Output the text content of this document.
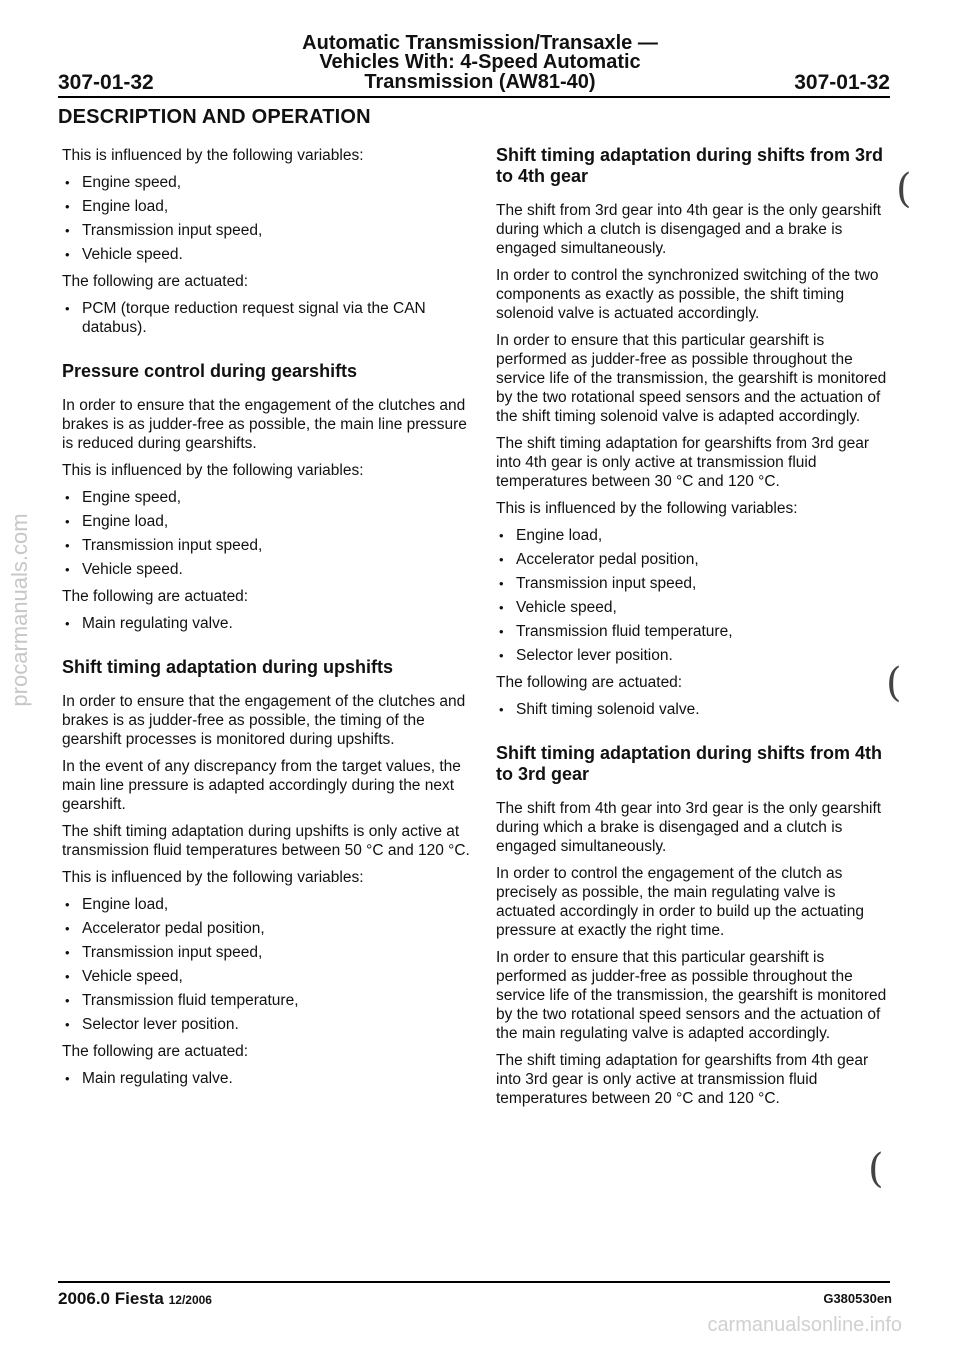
Automatic Transmission/Transaxle —
Vehicles With: 4-Speed Automatic
Transmission (AW81-40)
307-01-32	307-01-32
DESCRIPTION AND OPERATION

This is influenced by the following variables:

• Engine speed,
• Engine load,
• Transmission input speed,
• Vehicle speed.

The following are actuated:

• PCM (torque reduction request signal via the CAN databus).
Pressure control during gearshifts

In order to ensure that the engagement of the clutches and brakes is as judder-free as possible, the main line pressure is reduced during gearshifts.

This is influenced by the following variables:

• Engine speed,
• Engine load,
• Transmission input speed,
• Vehicle speed.

The following are actuated:

• Main regulating valve.
Shift timing adaptation during upshifts

In order to ensure that the engagement of the clutches and brakes is as judder-free as possible, the timing of the gearshift processes is monitored during upshifts.

In the event of any discrepancy from the target values, the main line pressure is adapted accordingly during the next gearshift.

The shift timing adaptation during upshifts is only active at transmission fluid temperatures between 50 °C and 120 °C.

This is influenced by the following variables:

• Engine load,
• Accelerator pedal position,
• Transmission input speed,
• Vehicle speed,
• Transmission fluid temperature,
• Selector lever position.

The following are actuated:

• Main regulating valve.
Shift timing adaptation during shifts from 3rd to 4th gear

The shift from 3rd gear into 4th gear is the only gearshift during which a clutch is disengaged and a brake is engaged simultaneously.

In order to control the synchronized switching of the two components as exactly as possible, the shift timing solenoid valve is actuated accordingly.

In order to ensure that this particular gearshift is performed as judder-free as possible throughout the service life of the transmission, the gearshift is monitored by the two rotational speed sensors and the actuation of the shift timing solenoid valve is adapted accordingly.

The shift timing adaptation for gearshifts from 3rd gear into 4th gear is only active at transmission fluid temperatures between 30 °C and 120 °C.

This is influenced by the following variables:

• Engine load,
• Accelerator pedal position,
• Transmission input speed,
• Vehicle speed,
• Transmission fluid temperature,
• Selector lever position.

The following are actuated:

• Shift timing solenoid valve.
Shift timing adaptation during shifts from 4th to 3rd gear

The shift from 4th gear into 3rd gear is the only gearshift during which a brake is disengaged and a clutch is engaged simultaneously.

In order to control the engagement of the clutch as precisely as possible, the main regulating valve is actuated accordingly in order to build up the actuating pressure at exactly the right time.

In order to ensure that this particular gearshift is performed as judder-free as possible throughout the service life of the transmission, the gearshift is monitored by the two rotational speed sensors and the actuation of the main regulating valve is adapted accordingly.

The shift timing adaptation for gearshifts from 4th gear into 3rd gear is only active at transmission fluid temperatures between 20 °C and 120 °C.

(
(
(
2006.0 Fiesta 12/2006	G380530en
procarmanuals.com
carmanualsonline.info
